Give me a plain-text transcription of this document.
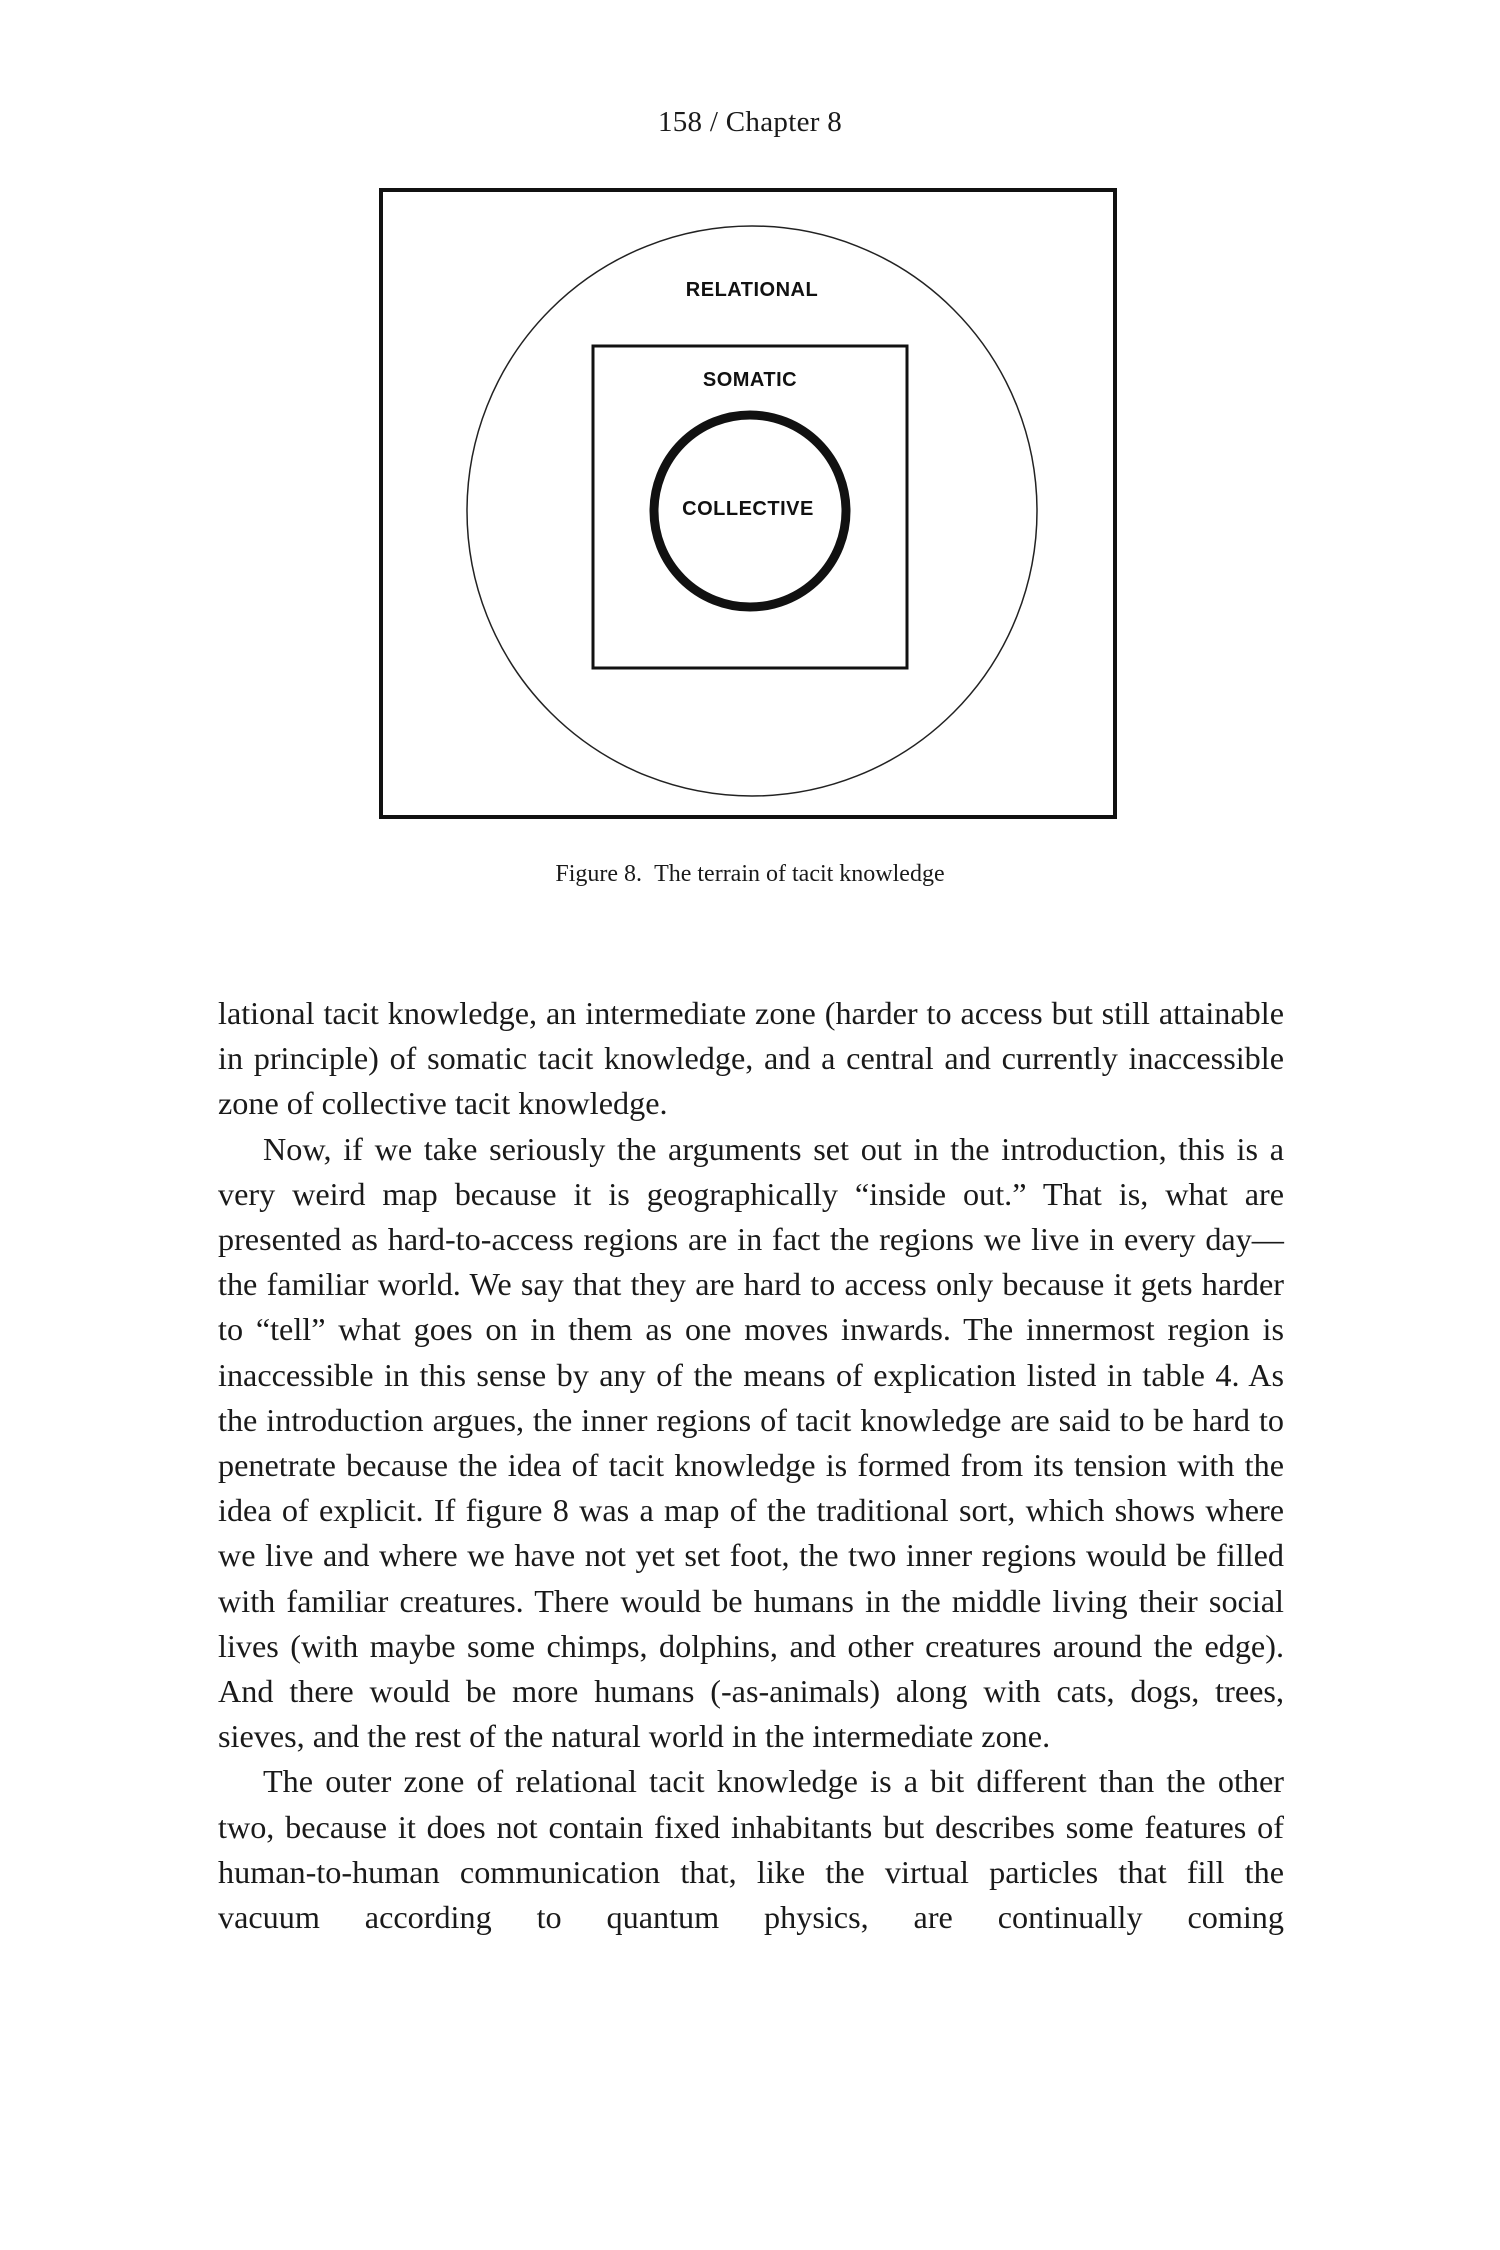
158 / Chapter 8
RELATIONAL
SOMATIC
COLLECTIVE
Figure 8. The terrain of tacit knowledge

lational tacit knowledge, an intermediate zone (harder to access but still attainable in principle) of somatic tacit knowledge, and a central and currently inaccessible zone of collective tacit knowledge.

Now, if we take seriously the arguments set out in the introduction, this is a very weird map because it is geographically “inside out.” That is, what are presented as hard-to-access regions are in fact the regions we live in every day—the familiar world. We say that they are hard to access only because it gets harder to “tell” what goes on in them as one moves inwards. The innermost region is inaccessible in this sense by any of the means of explication listed in table 4. As the introduction argues, the inner regions of tacit knowledge are said to be hard to penetrate because the idea of tacit knowledge is formed from its tension with the idea of explicit. If figure 8 was a map of the traditional sort, which shows where we live and where we have not yet set foot, the two inner regions would be filled with familiar creatures. There would be humans in the middle living their social lives (with maybe some chimps, dolphins, and other creatures around the edge). And there would be more humans (-as-animals) along with cats, dogs, trees, sieves, and the rest of the natural world in the intermediate zone.

The outer zone of relational tacit knowledge is a bit different than the other two, because it does not contain fixed inhabitants but describes some features of human-to-human communication that, like the virtual particles that fill the vacuum according to quantum physics, are continually coming
